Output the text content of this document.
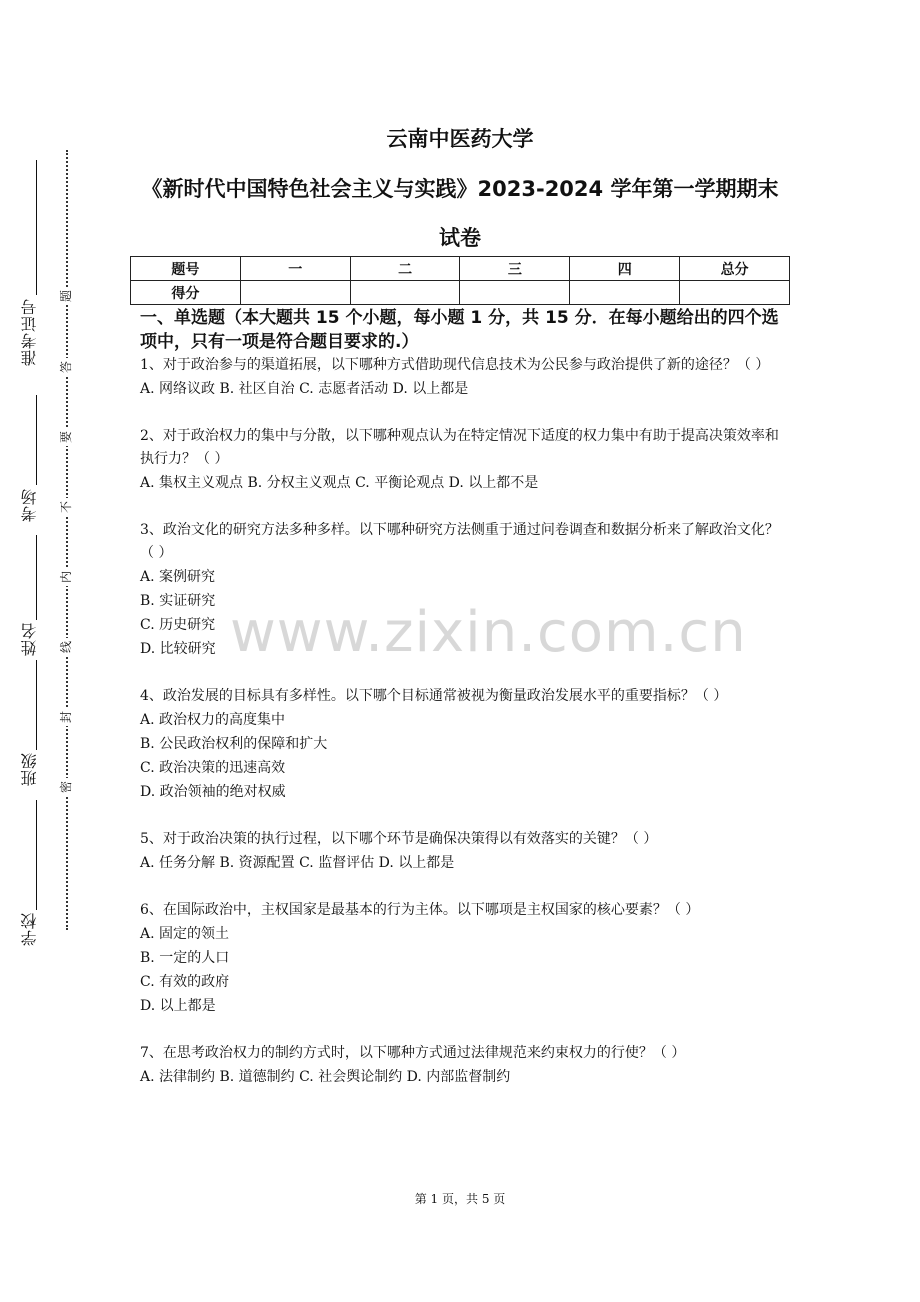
准考证号
考场
姓名
班级
学校
题
答
要
不
内
线
封
密
云南中医药大学
《新时代中国特色社会主义与实践》2023-2024 学年第一学期期末
试卷
题号	一	二	三	四	总分
得分					
一、单选题（本大题共 15 个小题，每小题 1 分，共 15 分．在每小题给出的四个选项中，只有一项是符合题目要求的.）
www.zixin.com.cn
1、对于政治参与的渠道拓展，以下哪种方式借助现代信息技术为公民参与政治提供了新的途径？（ ）
A. 网络议政 B. 社区自治 C. 志愿者活动 D. 以上都是
2、对于政治权力的集中与分散，以下哪种观点认为在特定情况下适度的权力集中有助于提高决策效率和执行力？（ ）
A. 集权主义观点 B. 分权主义观点 C. 平衡论观点 D. 以上都不是
3、政治文化的研究方法多种多样。以下哪种研究方法侧重于通过问卷调查和数据分析来了解政治文化？（ ）
A. 案例研究
B. 实证研究
C. 历史研究
D. 比较研究
4、政治发展的目标具有多样性。以下哪个目标通常被视为衡量政治发展水平的重要指标？（ ）
A. 政治权力的高度集中
B. 公民政治权利的保障和扩大
C. 政治决策的迅速高效
D. 政治领袖的绝对权威
5、对于政治决策的执行过程，以下哪个环节是确保决策得以有效落实的关键？（ ）
A. 任务分解 B. 资源配置 C. 监督评估 D. 以上都是
6、在国际政治中，主权国家是最基本的行为主体。以下哪项是主权国家的核心要素？（ ）
A. 固定的领土
B. 一定的人口
C. 有效的政府
D. 以上都是
7、在思考政治权力的制约方式时，以下哪种方式通过法律规范来约束权力的行使？（ ）
A. 法律制约 B. 道德制约 C. 社会舆论制约 D. 内部监督制约
第 1 页，共 5 页
